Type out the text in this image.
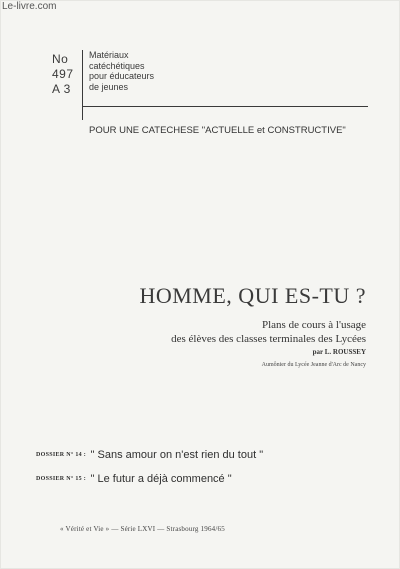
Le-livre.com
No
497
A 3
Matériaux
catéchétiques
pour éducateurs
de jeunes
POUR UNE CATECHESE "ACTUELLE et CONSTRUCTIVE"
HOMME, QUI ES-TU ?
Plans de cours à l'usage
des élèves des classes terminales des Lycées
par L. ROUSSEY
Aumônier du Lycée Jeanne d'Arc de Nancy
DOSSIER N° 14 : " Sans amour on n'est rien du tout "
DOSSIER N° 15 : " Le futur a déjà commencé "
« Vérité et Vie » — Série LXVI — Strasbourg 1964/65
